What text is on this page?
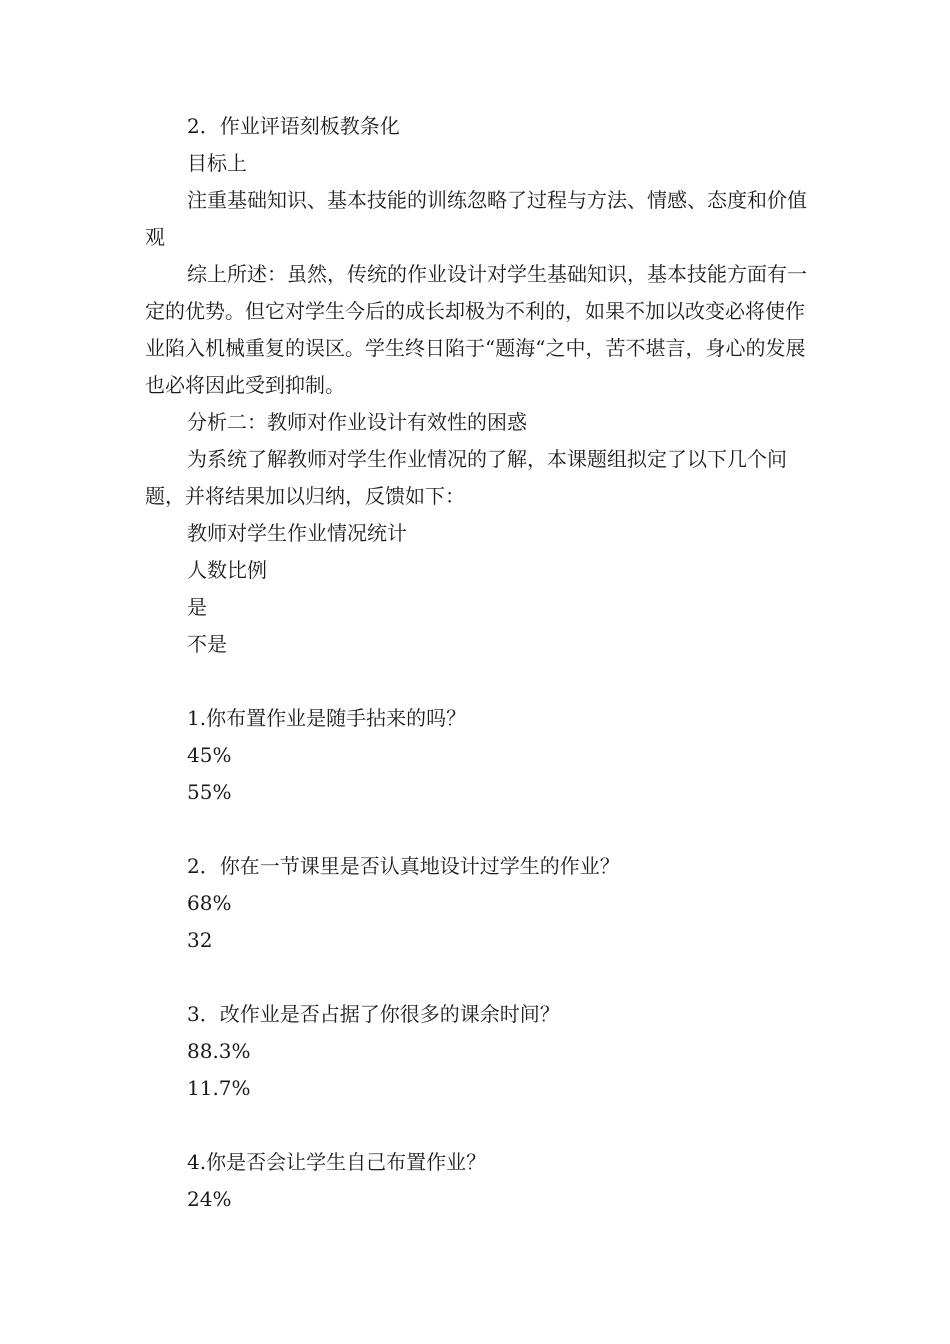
2．作业评语刻板教条化

目标上

注重基础知识、基本技能的训练忽略了过程与方法、情感、态度和价值观

综上所述：虽然，传统的作业设计对学生基础知识，基本技能方面有一定的优势。但它对学生今后的成长却极为不利的，如果不加以改变必将使作业陷入机械重复的误区。学生终日陷于“题海“之中，苦不堪言，身心的发展也必将因此受到抑制。

分析二：教师对作业设计有效性的困惑

为系统了解教师对学生作业情况的了解，本课题组拟定了以下几个问题，并将结果加以归纳，反馈如下：

教师对学生作业情况统计

人数比例

是

不是

1.你布置作业是随手拈来的吗？

45%

55%

2．你在一节课里是否认真地设计过学生的作业？

68%

32

3．改作业是否占据了你很多的课余时间？

88.3%

11.7%

4.你是否会让学生自己布置作业？

24%
